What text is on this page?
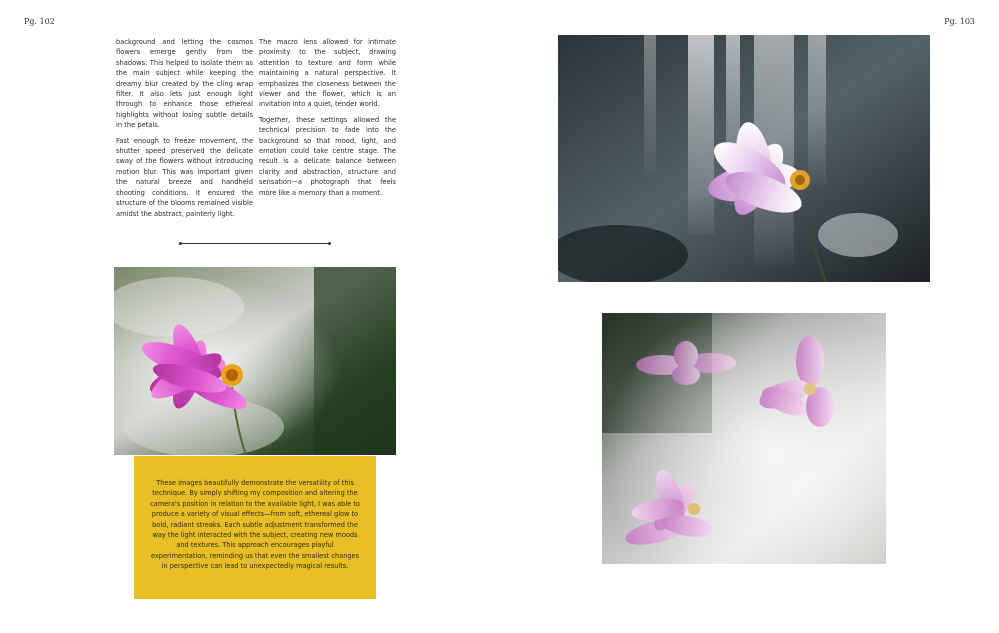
Pg. 102	Pg. 103

background and letting the cosmos flowers emerge gently from the shadows. This helped to isolate them as the main subject while keeping the dreamy blur created by the cling wrap filter. It also lets just enough light through to enhance those ethereal highlights without losing subtle details in the petals.

Fast enough to freeze movement, the shutter speed preserved the delicate sway of the flowers without introducing motion blur. This was important given the natural breeze and handheld shooting conditions. It ensured the structure of the blooms remained visible amidst the abstract, painterly light.

The macro lens allowed for intimate proximity to the subject, drawing attention to texture and form while maintaining a natural perspective. It emphasizes the closeness between the viewer and the flower, which is an invitation into a quiet, tender world.

Together, these settings allowed the technical precision to fade into the background so that mood, light, and emotion could take centre stage. The result is a delicate balance between clarity and abstraction, structure and sensation—a photograph that feels more like a memory than a moment.

These images beautifully demonstrate the versatility of this technique. By simply shifting my composition and altering the camera's position in relation to the available light, I was able to produce a variety of visual effects—from soft, ethereal glow to bold, radiant streaks. Each subtle adjustment transformed the way the light interacted with the subject, creating new moods and textures. This approach encourages playful experimentation, reminding us that even the smallest changes in perspective can lead to unexpectedly magical results.
